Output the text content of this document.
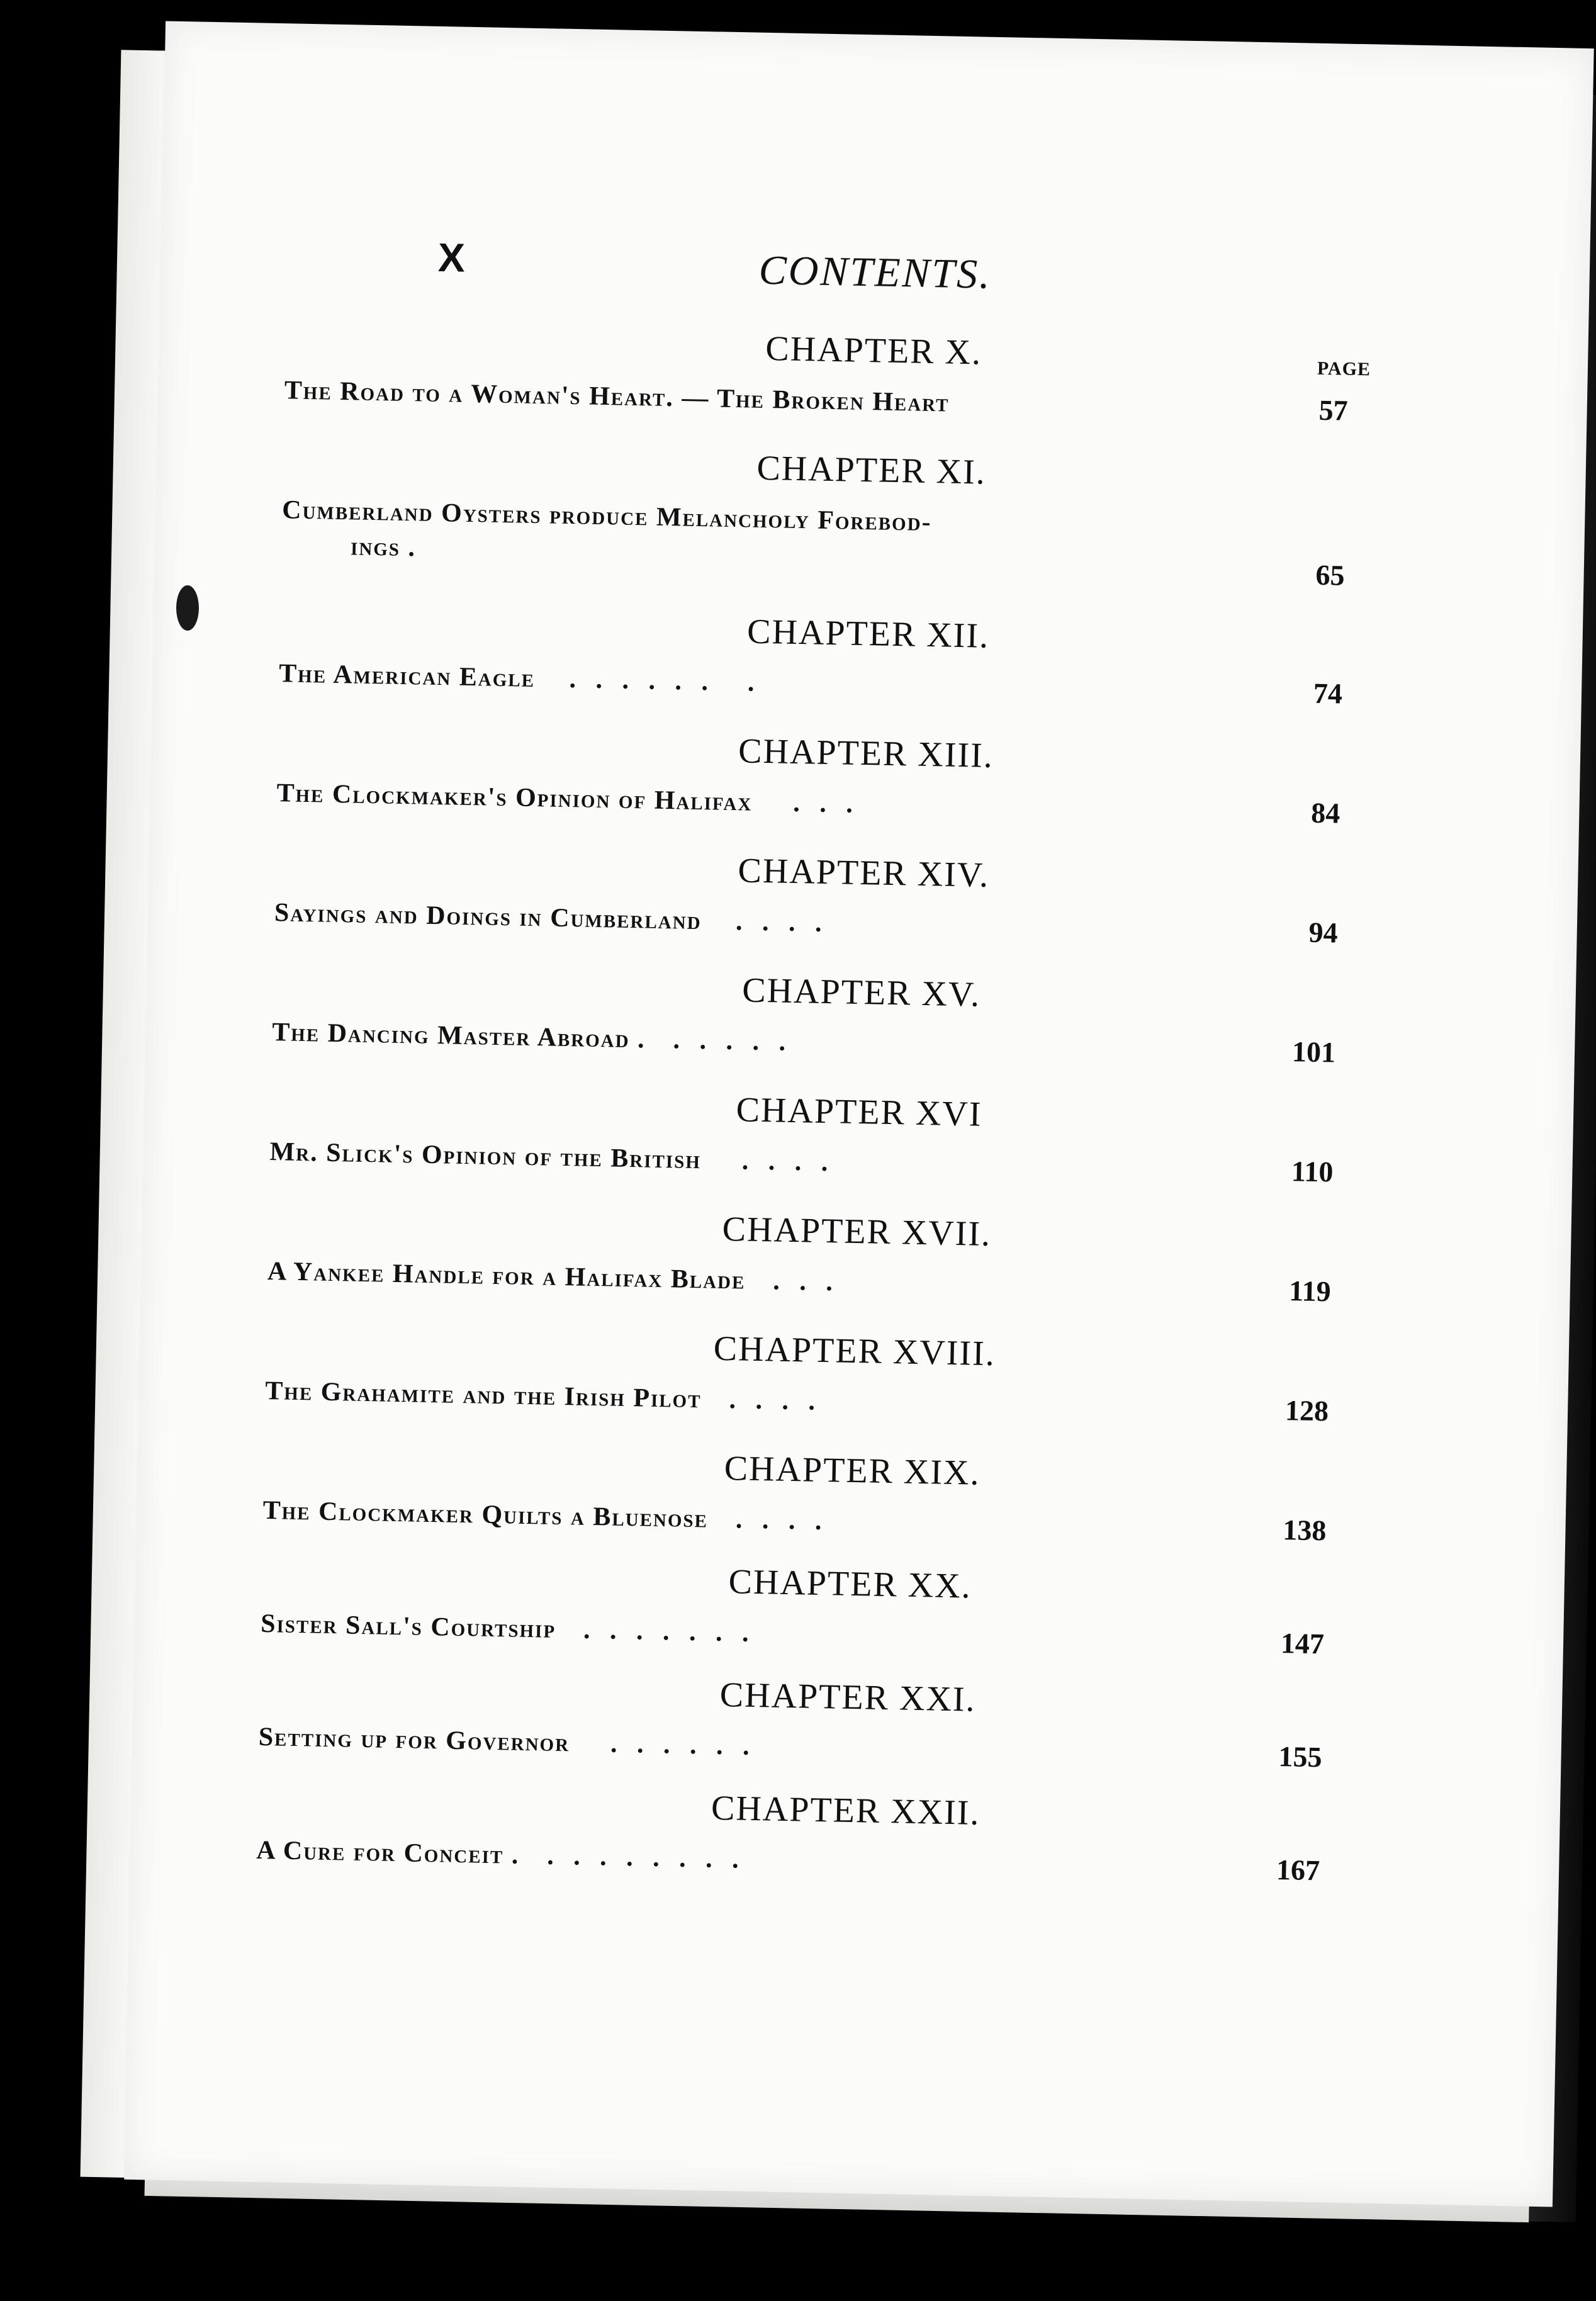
X	CONTENTS.
PAGE
CHAPTER X.
The Road to a Woman's Heart. — The Broken Heart	57
CHAPTER XI.
Cumberland Oysters produce Melancholy Forebod-
ings .
65
CHAPTER XII.
The American Eagle     .   .   .   .   .   .      .	74
CHAPTER XIII.
The Clockmaker's Opinion of Halifax      .   .   .	84
CHAPTER XIV.
Sayings and Doings in Cumberland     .   .   .   .	94
CHAPTER XV.
The Dancing Master Abroad .    .   .   .   .   .	101
CHAPTER XVI
Mr. Slick's Opinion of the British      .   .   .   .	110
CHAPTER XVII.
A Yankee Handle for a Halifax Blade    .   .   .	119
CHAPTER XVIII.
The Grahamite and the Irish Pilot    .   .   .   .	128
CHAPTER XIX.
The Clockmaker Quilts a Bluenose    .   .   .   .	138
CHAPTER XX.
Sister Sall's Courtship    .   .   .   .   .   .   .	147
CHAPTER XXI.
Setting up for Governor      .   .   .   .   .   .	155
CHAPTER XXII.
A Cure for Conceit .    .   .   .   .   .   .   .   .	167
